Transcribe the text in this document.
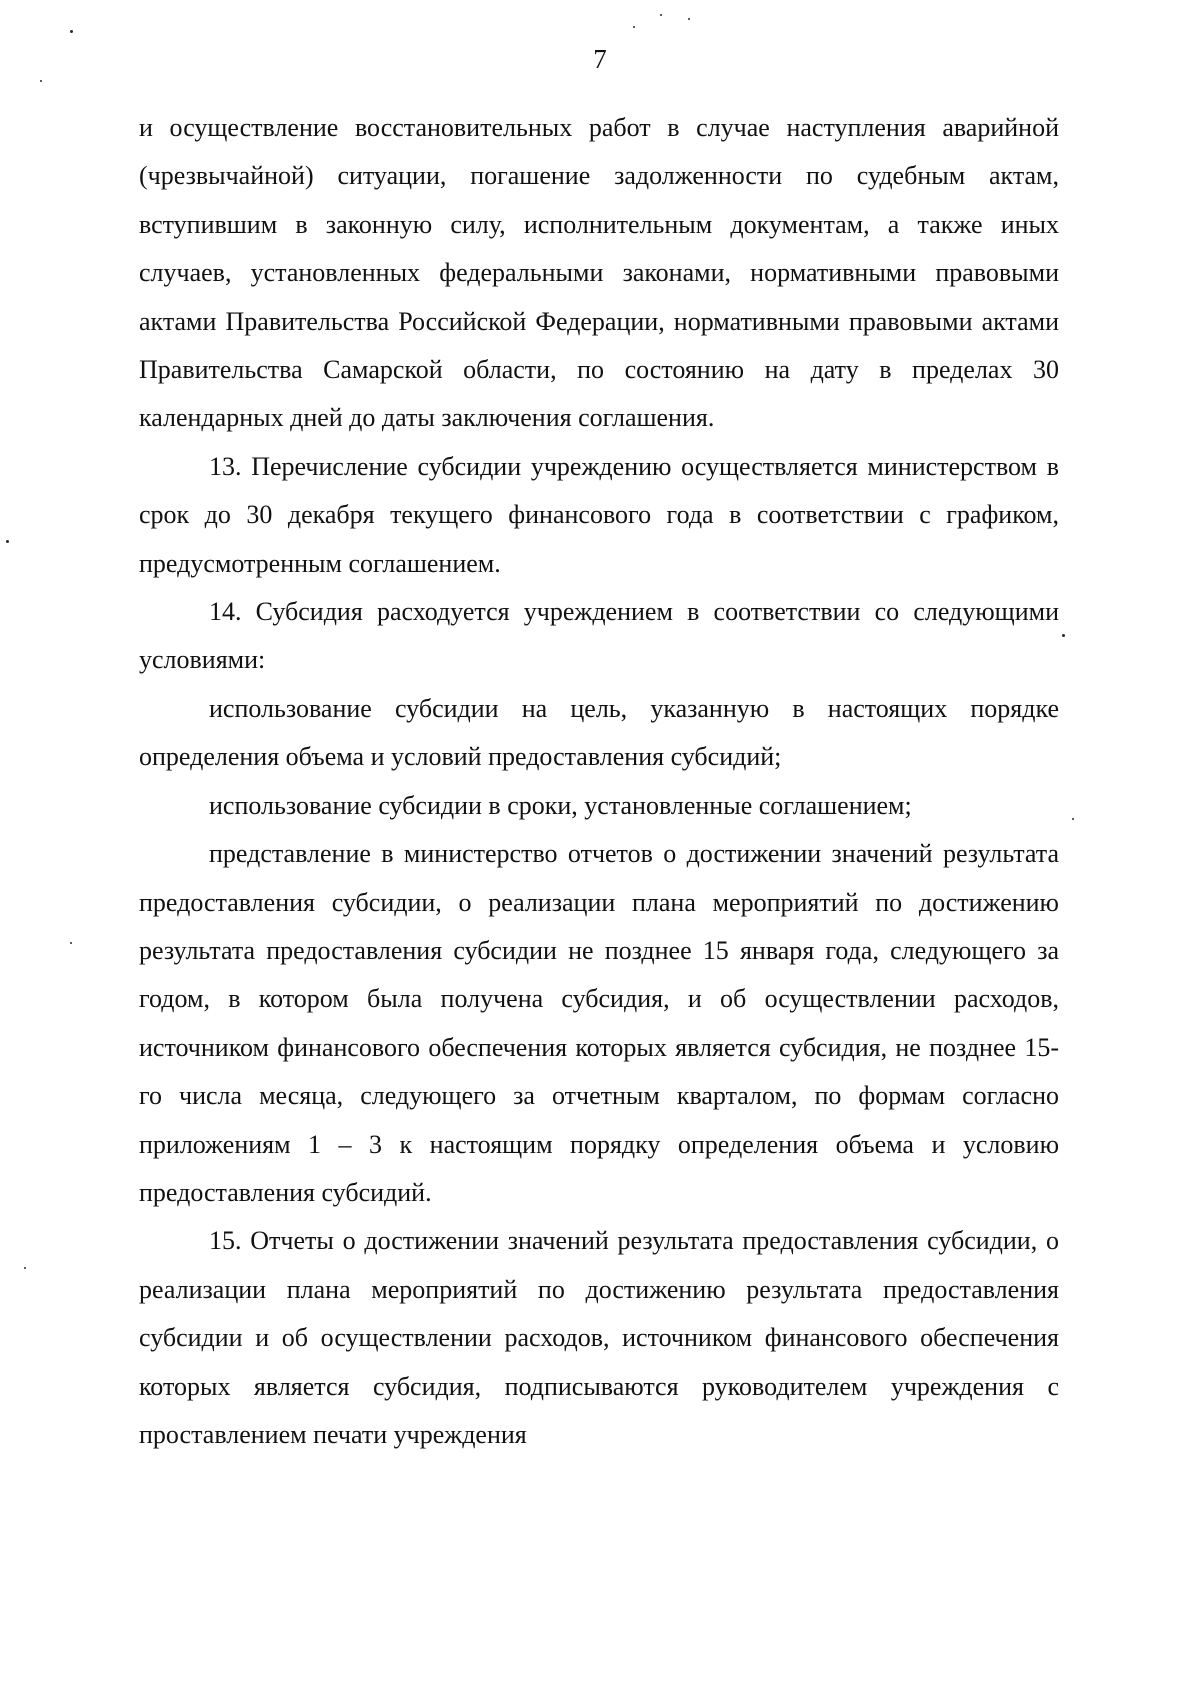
7

и осуществление восстановительных работ в случае наступления аварийной (чрезвычайной) ситуации, погашение задолженности по судебным актам, вступившим в законную силу, исполнительным документам, а также иных случаев, установленных федеральными законами, нормативными правовыми актами Правительства Российской Федерации, нормативными правовыми актами Правительства Самарской области, по состоянию на дату в пределах 30 календарных дней до даты заключения соглашения.

13. Перечисление субсидии учреждению осуществляется министерством в срок до 30 декабря текущего финансового года в соответствии с графиком, предусмотренным соглашением.

14. Субсидия расходуется учреждением в соответствии со следующими условиями:

использование субсидии на цель, указанную в настоящих порядке определения объема и условий предоставления субсидий;

использование субсидии в сроки, установленные соглашением;

представление в министерство отчетов о достижении значений результата предоставления субсидии, о реализации плана мероприятий по достижению результата предоставления субсидии не позднее 15 января года, следующего за годом, в котором была получена субсидия, и об осуществлении расходов, источником финансового обеспечения которых является субсидия, не позднее 15-го числа месяца, следующего за отчетным кварталом, по формам согласно приложениям 1 – 3 к настоящим порядку определения объема и условию предоставления субсидий.

15. Отчеты о достижении значений результата предоставления субсидии, о реализации плана мероприятий по достижению результата предоставления субсидии и об осуществлении расходов, источником финансового обеспечения которых является субсидия, подписываются руководителем учреждения с проставлением печати учреждения
